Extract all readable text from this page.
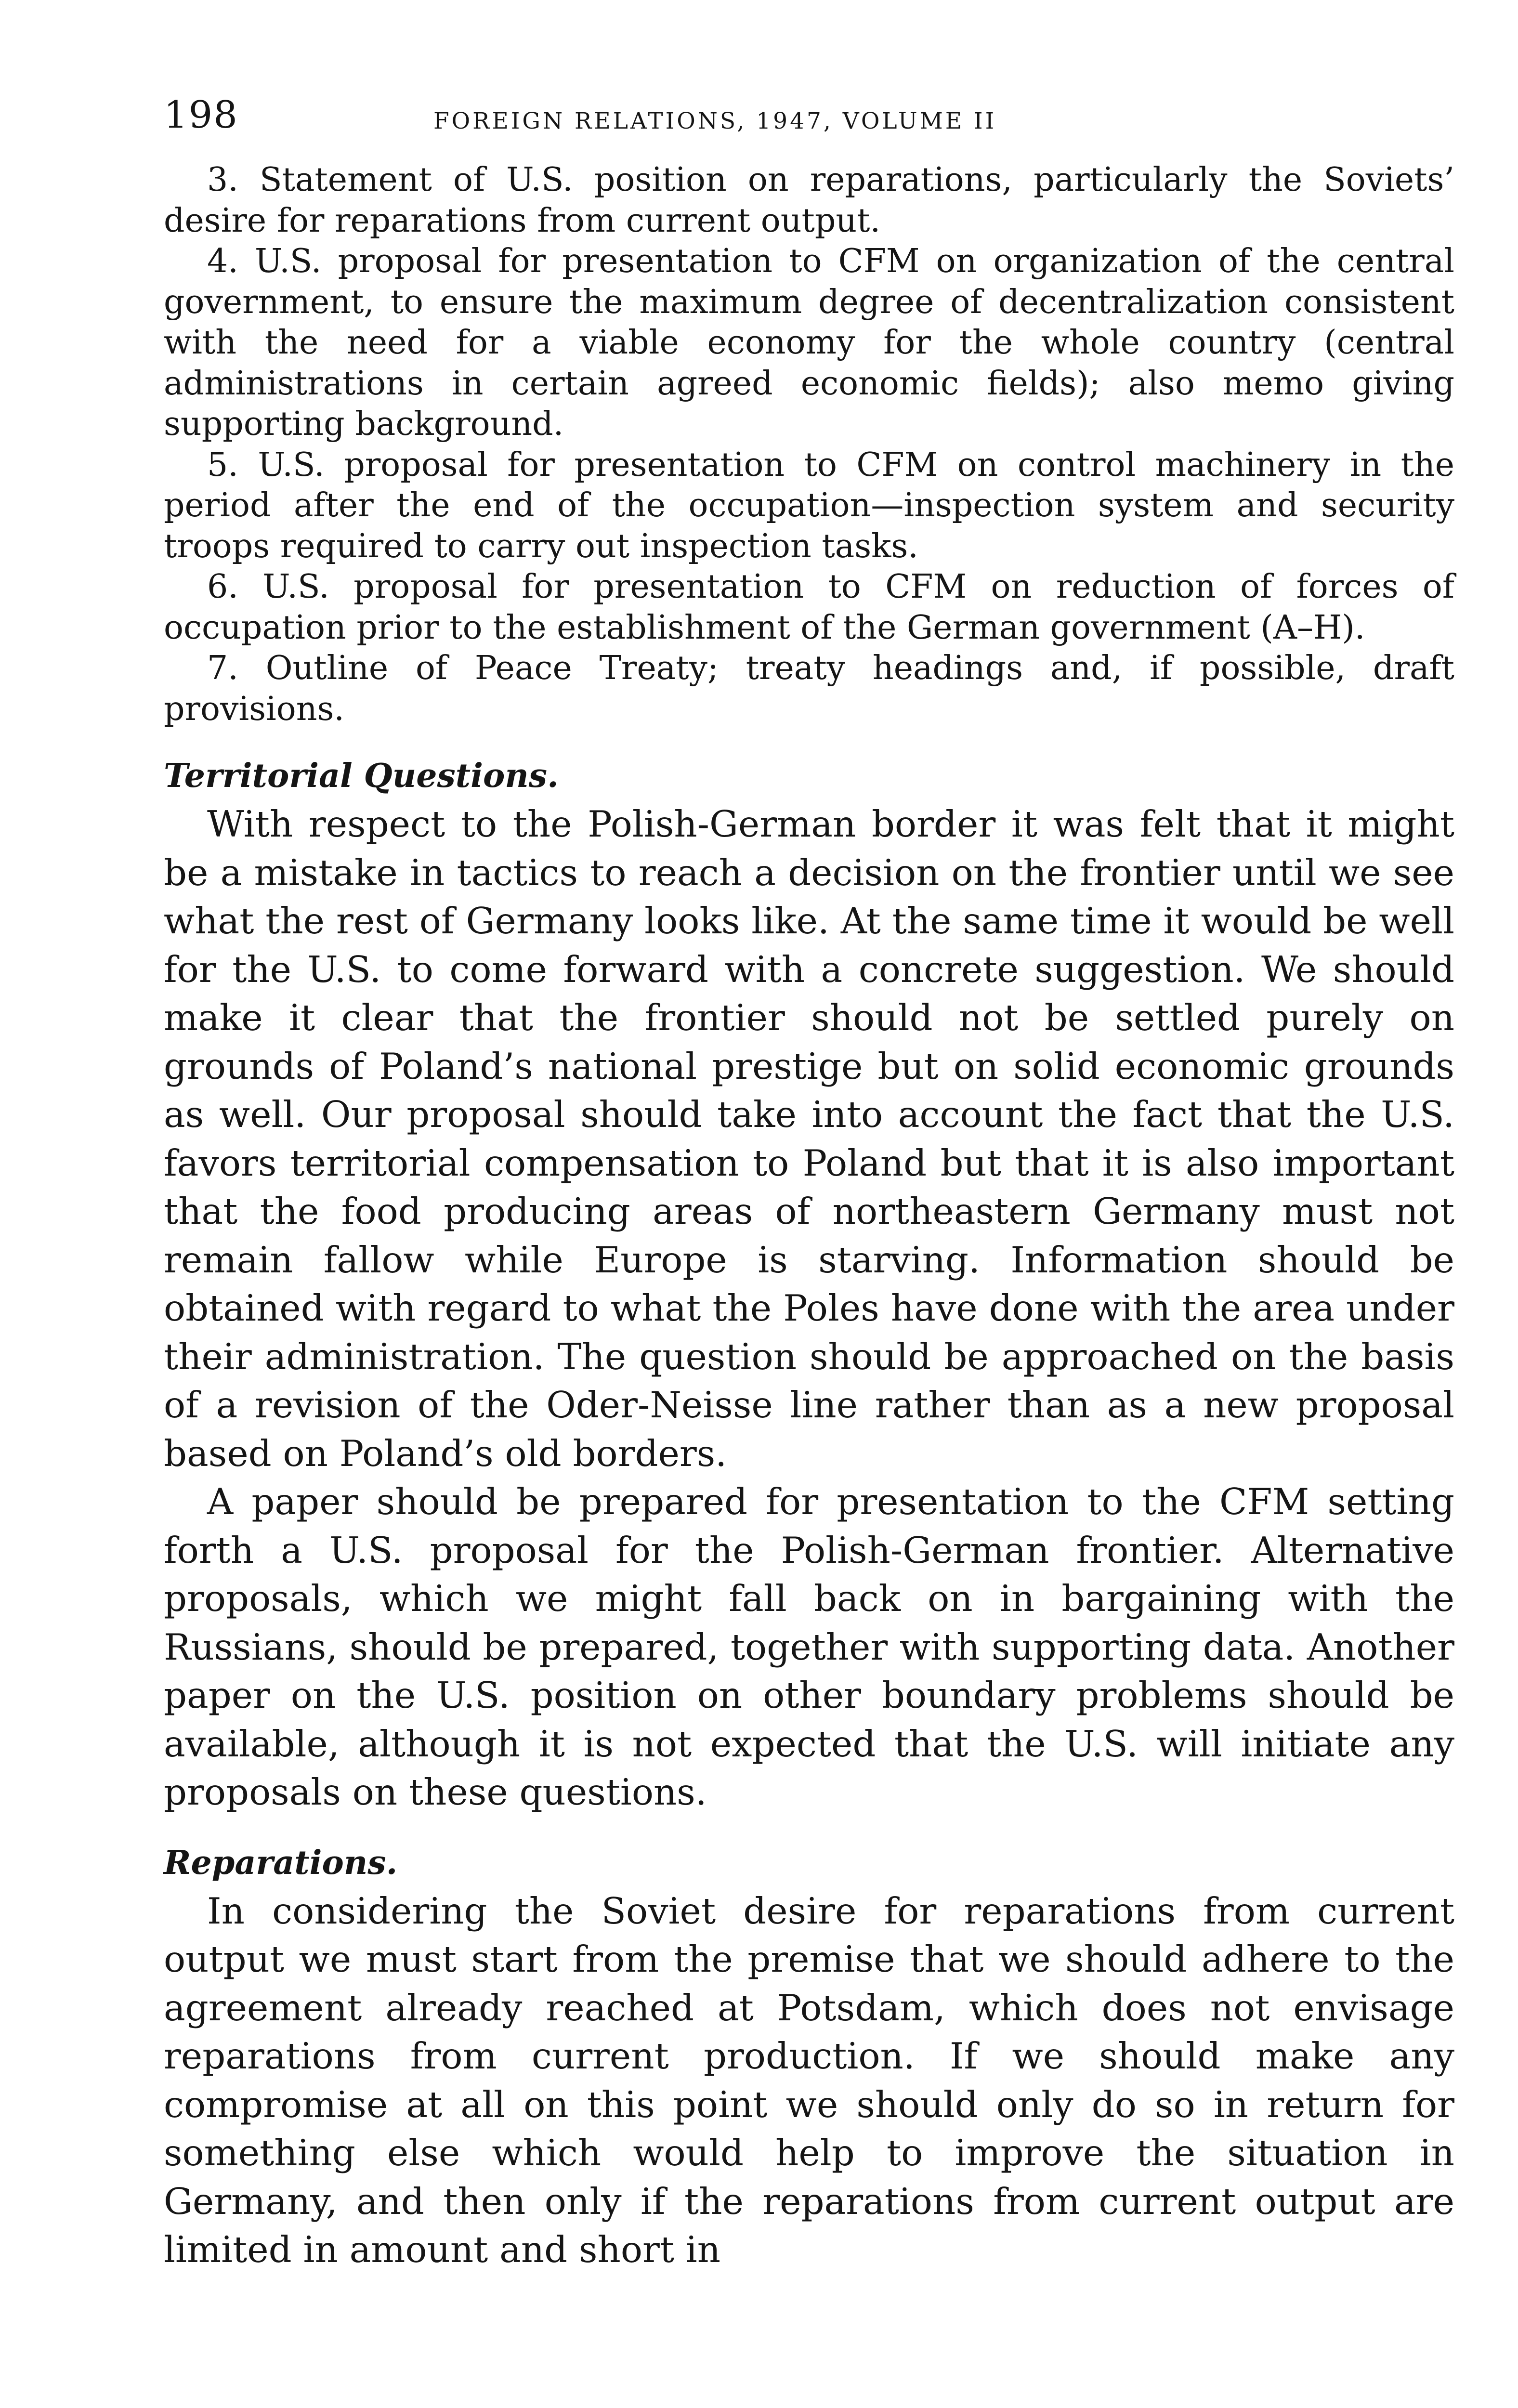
198	FOREIGN RELATIONS, 1947, VOLUME II

3. Statement of U.S. position on reparations, particularly the Soviets’ desire for reparations from current output.

4. U.S. proposal for presentation to CFM on organization of the central government, to ensure the maximum degree of decentralization consistent with the need for a viable economy for the whole country (central administrations in certain agreed economic fields); also memo giving supporting background.

5. U.S. proposal for presentation to CFM on control machinery in the period after the end of the occupation—inspection system and security troops required to carry out inspection tasks.

6. U.S. proposal for presentation to CFM on reduction of forces of occupation prior to the establishment of the German government (A–H).

7. Outline of Peace Treaty; treaty headings and, if possible, draft provisions.

Territorial Questions.

With respect to the Polish-German border it was felt that it might be a mistake in tactics to reach a decision on the frontier until we see what the rest of Germany looks like. At the same time it would be well for the U.S. to come forward with a concrete suggestion. We should make it clear that the frontier should not be settled purely on grounds of Poland’s national prestige but on solid economic grounds as well. Our proposal should take into account the fact that the U.S. favors territorial compensation to Poland but that it is also important that the food producing areas of northeastern Germany must not remain fallow while Europe is starving. Information should be obtained with regard to what the Poles have done with the area under their administration. The question should be approached on the basis of a revision of the Oder-Neisse line rather than as a new proposal based on Poland’s old borders.

A paper should be prepared for presentation to the CFM setting forth a U.S. proposal for the Polish-German frontier. Alternative proposals, which we might fall back on in bargaining with the Russians, should be prepared, together with supporting data. Another paper on the U.S. position on other boundary problems should be available, although it is not expected that the U.S. will initiate any proposals on these questions.

Reparations.

In considering the Soviet desire for reparations from current output we must start from the premise that we should adhere to the agreement already reached at Potsdam, which does not envisage reparations from current production. If we should make any compromise at all on this point we should only do so in return for something else which would help to improve the situation in Germany, and then only if the reparations from current output are limited in amount and short in
